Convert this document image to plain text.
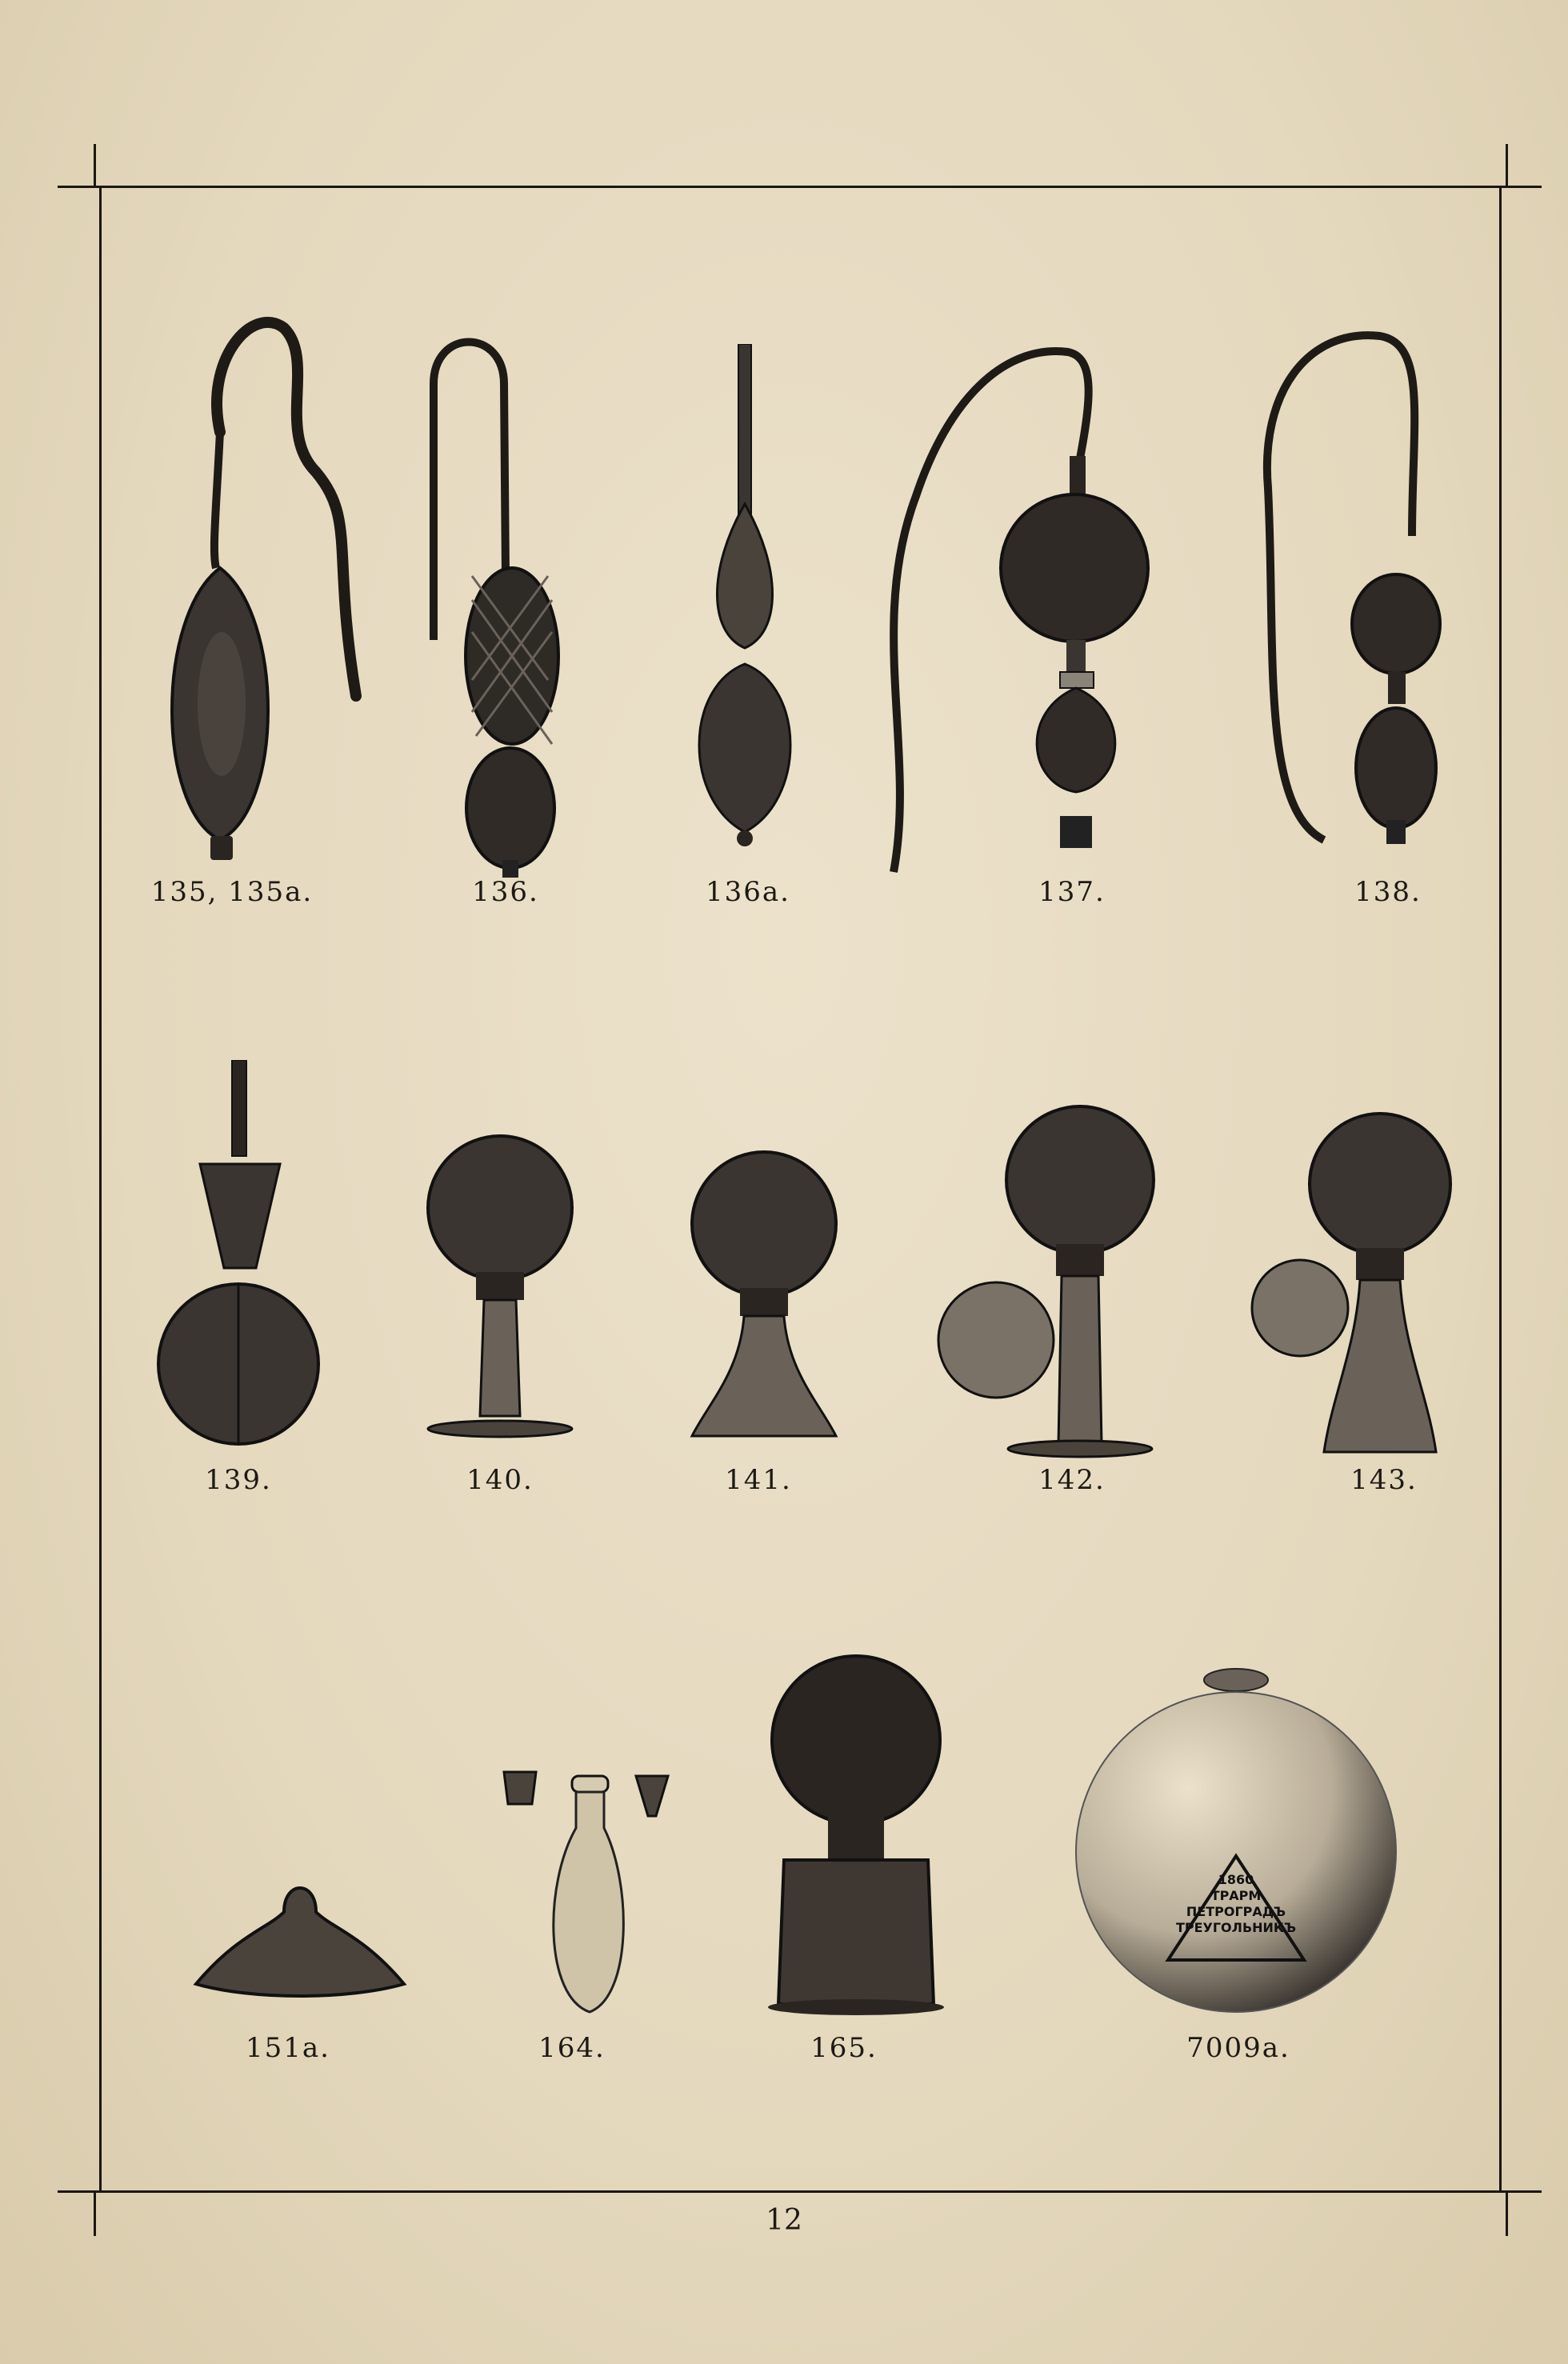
135, 135a.	136.	136a.	137.	138.
139.	140.	141.	142.	143.
1860
ТРАРМ
ПЕТРОГРАДЪ
ТРЕУГОЛЬНИКЪ
151a.	164.	165.	7009a.
12
